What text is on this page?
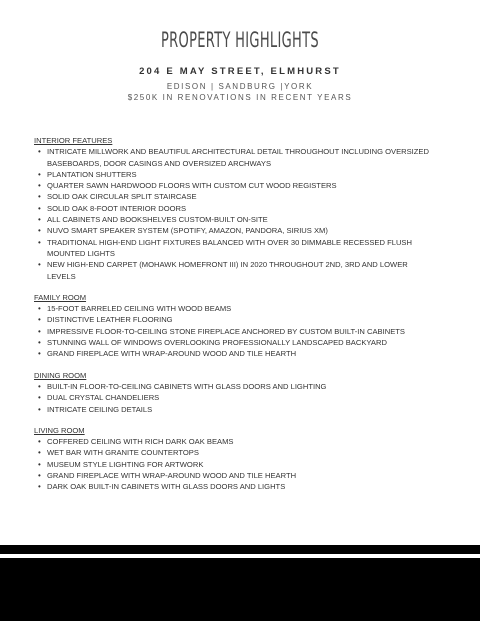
PROPERTY HIGHLIGHTS
204 E MAY STREET, ELMHURST
EDISON | SANDBURG |YORK
$250K IN RENOVATIONS IN RECENT YEARS
INTERIOR FEATURES
• INTRICATE MILLWORK AND BEAUTIFUL ARCHITECTURAL DETAIL THROUGHOUT INCLUDING OVERSIZED BASEBOARDS, DOOR CASINGS AND OVERSIZED ARCHWAYS
• PLANTATION SHUTTERS
• QUARTER SAWN HARDWOOD FLOORS WITH CUSTOM CUT WOOD REGISTERS
• SOLID OAK CIRCULAR SPLIT STAIRCASE
• SOLID OAK 8-FOOT INTERIOR DOORS
• ALL CABINETS AND BOOKSHELVES CUSTOM-BUILT ON-SITE
• NUVO SMART SPEAKER SYSTEM (SPOTIFY, AMAZON, PANDORA, SIRIUS XM)
• TRADITIONAL HIGH-END LIGHT FIXTURES BALANCED WITH OVER 30 DIMMABLE RECESSED FLUSH MOUNTED LIGHTS
• NEW HIGH-END CARPET (MOHAWK HOMEFRONT III) IN 2020 THROUGHOUT 2ND, 3RD AND LOWER LEVELS
FAMILY ROOM
• 15-FOOT BARRELED CEILING WITH WOOD BEAMS
• DISTINCTIVE LEATHER FLOORING
• IMPRESSIVE FLOOR-TO-CEILING STONE FIREPLACE ANCHORED BY CUSTOM BUILT-IN CABINETS
• STUNNING WALL OF WINDOWS OVERLOOKING PROFESSIONALLY LANDSCAPED BACKYARD
• GRAND FIREPLACE WITH WRAP-AROUND WOOD AND TILE HEARTH
DINING ROOM
• BUILT-IN FLOOR-TO-CEILING CABINETS WITH GLASS DOORS AND LIGHTING
• DUAL CRYSTAL CHANDELIERS
• INTRICATE CEILING DETAILS
LIVING ROOM
• COFFERED CEILING WITH RICH DARK OAK BEAMS
• WET BAR WITH GRANITE COUNTERTOPS
• MUSEUM STYLE LIGHTING FOR ARTWORK
• GRAND FIREPLACE WITH WRAP-AROUND WOOD AND TILE HEARTH
• DARK OAK BUILT-IN CABINETS WITH GLASS DOORS AND LIGHTS
